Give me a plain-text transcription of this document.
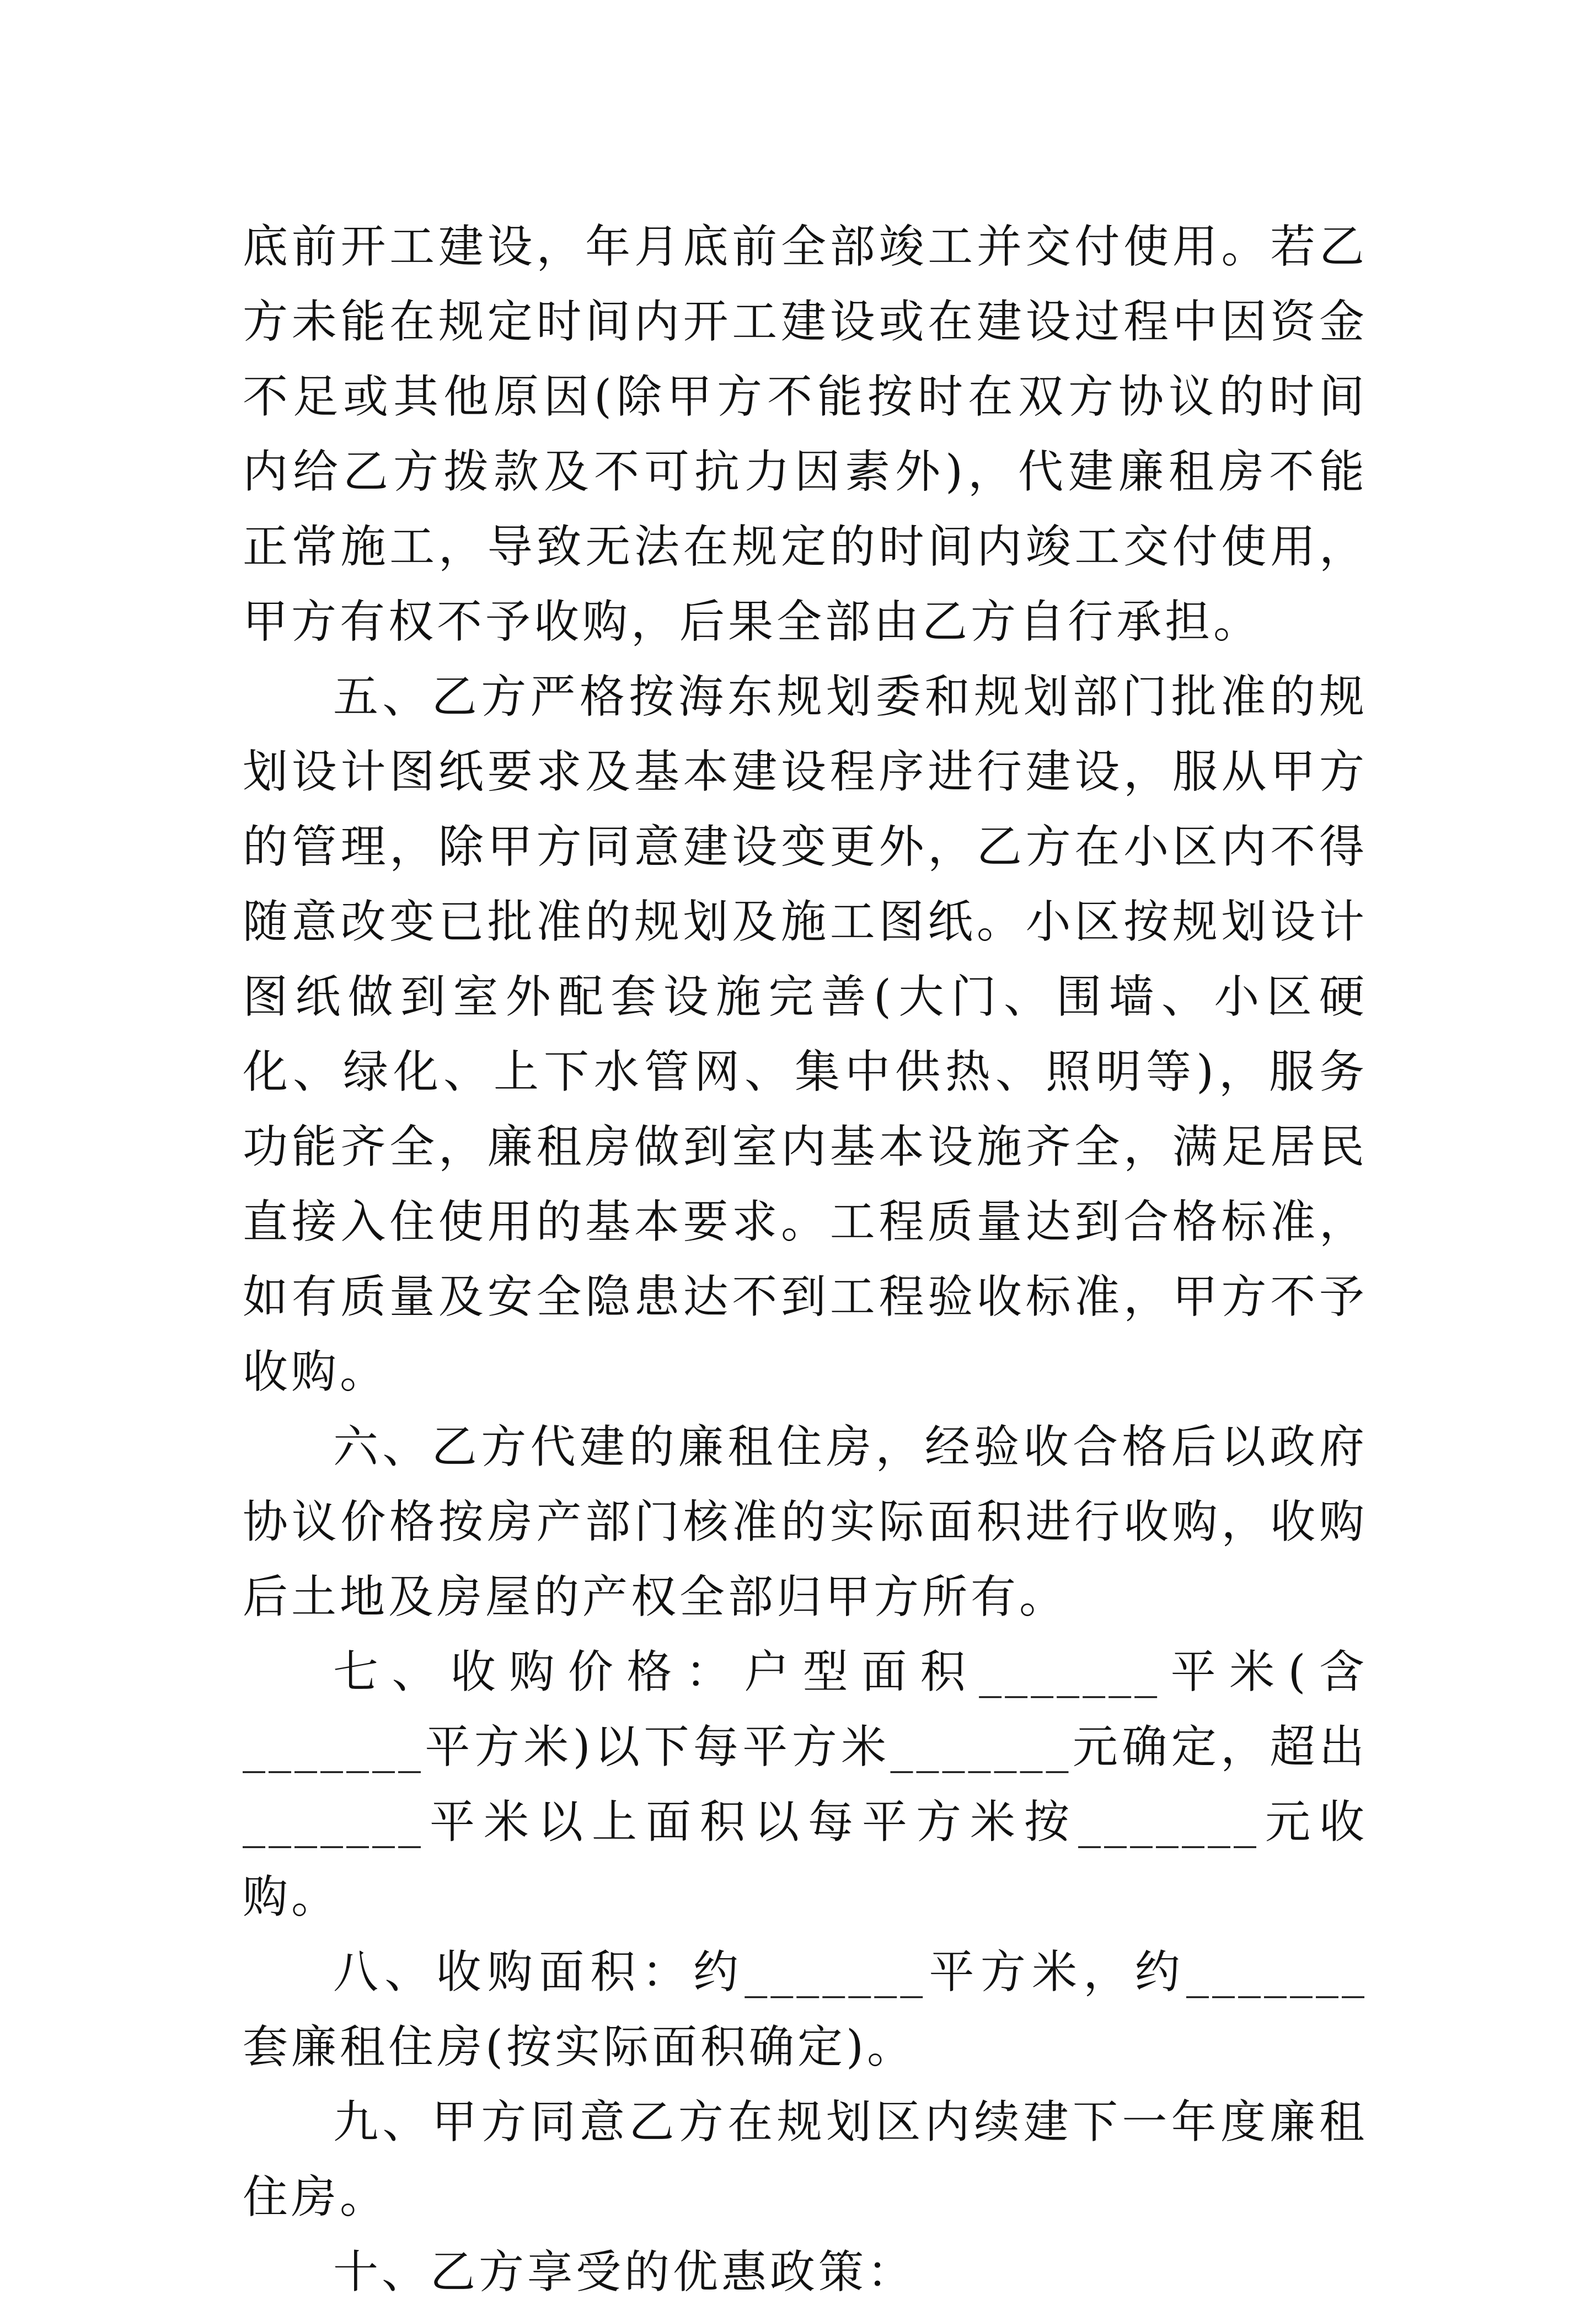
底前开工建设，年月底前全部竣工并交付使用。若乙方未能在规定时间内开工建设或在建设过程中因资金不足或其他原因(除甲方不能按时在双方协议的时间内给乙方拨款及不可抗力因素外)，代建廉租房不能正常施工，导致无法在规定的时间内竣工交付使用，甲方有权不予收购，后果全部由乙方自行承担。

五、乙方严格按海东规划委和规划部门批准的规划设计图纸要求及基本建设程序进行建设，服从甲方的管理，除甲方同意建设变更外，乙方在小区内不得随意改变已批准的规划及施工图纸。小区按规划设计图纸做到室外配套设施完善(大门、围墙、小区硬化、绿化、上下水管网、集中供热、照明等)，服务功能齐全，廉租房做到室内基本设施齐全，满足居民直接入住使用的基本要求。工程质量达到合格标准，如有质量及安全隐患达不到工程验收标准，甲方不予收购。

六、乙方代建的廉租住房，经验收合格后以政府协议价格按房产部门核准的实际面积进行收购，收购后土地及房屋的产权全部归甲方所有。

七、收购价格：户型面积_______平米(含_______平方米)以下每平方米_______元确定，超出_______平米以上面积以每平方米按_______元收购。

八、收购面积：约_______平方米，约_______套廉租住房(按实际面积确定)。

九、甲方同意乙方在规划区内续建下一年度廉租住房。

十、乙方享受的优惠政策：
